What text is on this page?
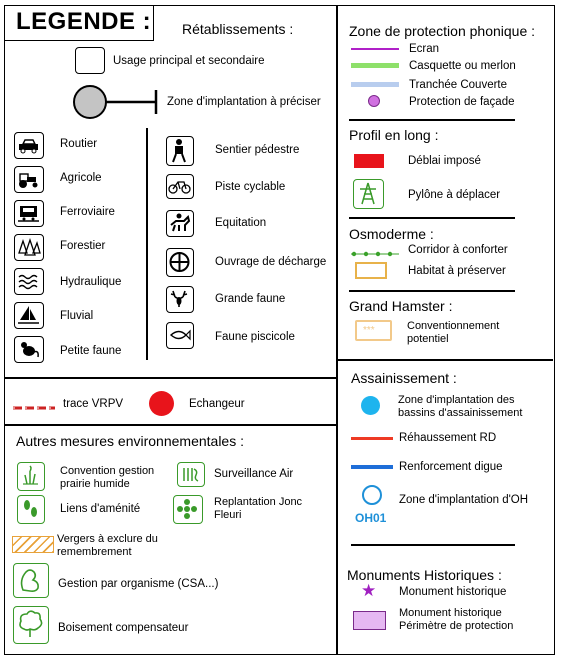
LEGENDE : Rétablissements :
Usage principal et secondaire
Zone d'implantation à préciser
Routier
Agricole
Ferroviaire
Forestier
Hydraulique
Fluvial
Petite faune
Sentier pédestre
Piste cyclable
Equitation
Ouvrage de décharge
Grande faune
Faune piscicole
trace VRPV	Echangeur
Autres mesures environnementales :
Convention gestion prairie humide
Liens d'aménité
Surveillance Air
Replantation Jonc Fleuri
Vergers à exclure du remembrement
Gestion par organisme (CSA...)
Boisement compensateur
Zone de protection phonique :
Ecran
Casquette ou merlon
Tranchée Couverte
Protection de façade
Profil en long :
Déblai imposé
Pylône à déplacer
Osmoderme :
Corridor à conforter
Habitat à préserver
Grand Hamster :
***	Conventionnement potentiel
Assainissement :
Zone d'implantation des bassins d'assainissement
Réhaussement RD
Renforcement digue
Zone d'implantation d'OH
OH01
Monuments Historiques :
★ Monument historique
Monument historique Périmètre de protection
